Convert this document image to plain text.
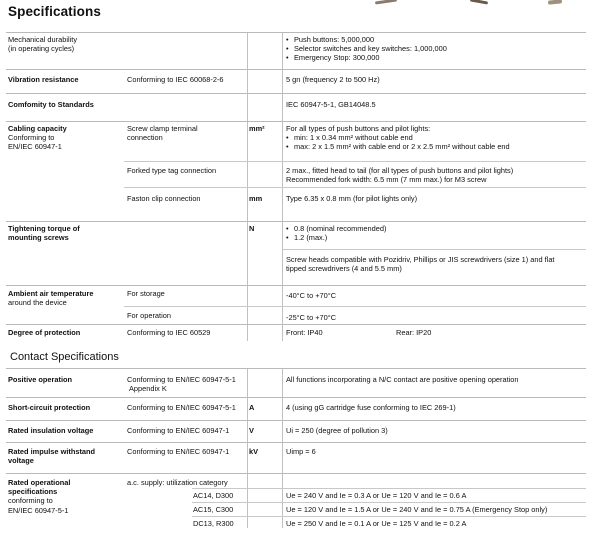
Specifications
Mechanical durability
(in operating cycles)
• Push buttons: 5,000,000
• Selector switches and key switches: 1,000,000
• Emergency Stop: 300,000
Vibration resistance	Conforming to IEC 60068-2-6	5 gn (frequency 2 to 500 Hz)
Comfomity to Standards	IEC 60947-5-1, GB14048.5
Cabling capacity
Conforming to
EN/IEC 60947-1
Screw clamp terminal
connection
mm²	For all types of push buttons and pilot lights:
• min: 1 x 0.34 mm² without cable end
• max: 2 x 1.5 mm² with cable end or 2 x 2.5 mm² without cable end
Forked type tag connection	2 max., fitted head to tail (for all types of push buttons and pilot lights)
Recommended fork width: 6.5 mm (7 mm max.) for M3 screw
Faston clip connection	mm	Type 6.35 x 0.8 mm (for pilot lights only)
Tightening torque of
mounting screws
N
•	0.8 (nominal recommended)
• 1.2 (max.)
Screw heads compatible with Pozidriv, Phillips or JIS screwdrivers (size 1) and flat
tipped screwdrivers (4 and 5.5 mm)
Ambient air temperature
around the device
For storage	-40°C to +70°C
For operation	-25°C to +70°C
Degree of protection	Conforming to IEC 60529	Front: IP40	Rear: IP20
Contact Specifications
Positive operation	Conforming to EN/IEC 60947-5-1
Appendix K
All functions incorporating a N/C contact are positive opening operation
Short-circuit protection	Conforming to EN/IEC 60947-5-1 A	4 (using gG cartridge fuse conforming to IEC 269-1)
Rated insulation voltage	Conforming to EN/IEC 60947-1	V	Ui = 250 (degree of pollution 3)
Rated impulse withstand
voltage
Conforming to EN/IEC 60947-1	kV	Uimp = 6
Rated operational
specifications
conforming to
EN/IEC 60947-5-1
a.c. supply: utilization category
AC14, D300	Ue = 240 V and Ie = 0.3 A or Ue = 120 V and Ie = 0.6 A
AC15, C300	Ue = 120 V and Ie = 1.5 A or Ue = 240 V and Ie = 0.75 A (Emergency Stop only)
DC13, R300	Ue = 250 V and Ie = 0.1 A or Ue = 125 V and Ie = 0.2 A
